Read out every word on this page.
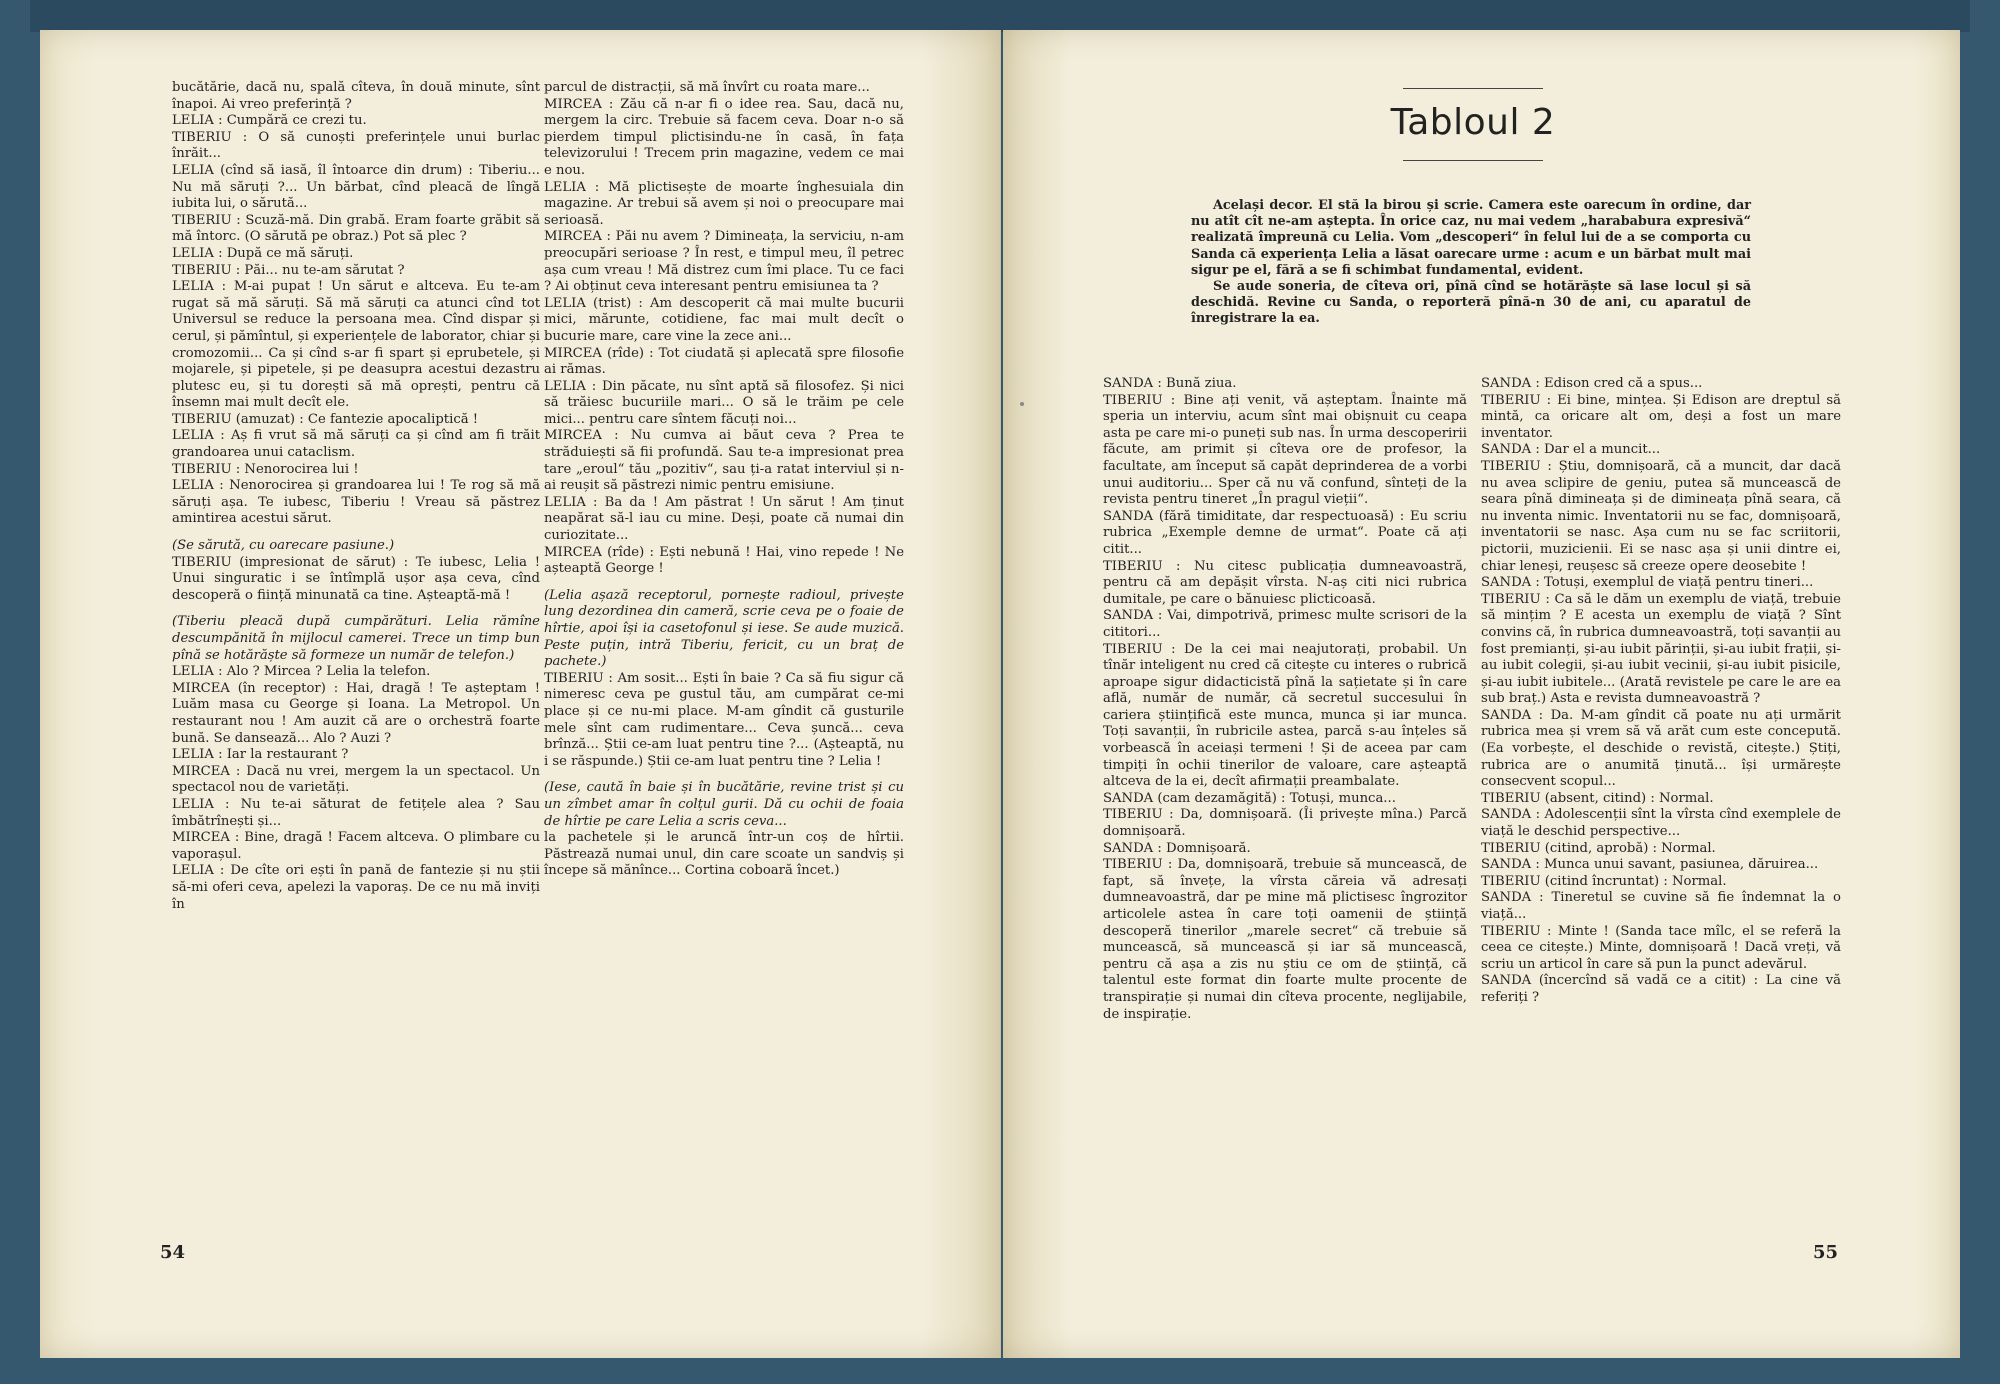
bucătărie, dacă nu, spală cîteva, în două minute, sînt înapoi. Ai vreo preferință ?

LELIA : Cumpără ce crezi tu.

TIBERIU : O să cunoști preferințele unui burlac înrăit...

LELIA (cînd să iasă, îl întoarce din drum) : Tiberiu... Nu mă săruți ?... Un bărbat, cînd pleacă de lîngă iubita lui, o sărută...

TIBERIU : Scuză-mă. Din grabă. Eram foarte grăbit să mă întorc. (O sărută pe obraz.) Pot să plec ?

LELIA : După ce mă săruți.

TIBERIU : Păi... nu te-am sărutat ?

LELIA : M-ai pupat ! Un sărut e altceva. Eu te-am rugat să mă săruți. Să mă săruți ca atunci cînd tot Universul se reduce la persoana mea. Cînd dispar și cerul, și pămîntul, și experiențele de laborator, chiar și cromozomii... Ca și cînd s-ar fi spart și eprubetele, și mojarele, și pipetele, și pe deasupra acestui dezastru plutesc eu, și tu dorești să mă oprești, pentru că însemn mai mult decît ele.

TIBERIU (amuzat) : Ce fantezie apocaliptică !

LELIA : Aș fi vrut să mă săruți ca și cînd am fi trăit grandoarea unui cataclism.

TIBERIU : Nenorocirea lui !

LELIA : Nenorocirea și grandoarea lui ! Te rog să mă săruți așa. Te iubesc, Tiberiu ! Vreau să păstrez amintirea acestui sărut.

(Se sărută, cu oarecare pasiune.)

TIBERIU (impresionat de sărut) : Te iubesc, Lelia ! Unui singuratic i se întîmplă ușor așa ceva, cînd descoperă o ființă minunată ca tine. Așteaptă-mă !

(Tiberiu pleacă după cumpărături. Lelia rămîne descumpănită în mijlocul camerei. Trece un timp bun pînă se hotărăște să formeze un număr de telefon.)

LELIA : Alo ? Mircea ? Lelia la telefon.

MIRCEA (în receptor) : Hai, dragă ! Te așteptam ! Luăm masa cu George și Ioana. La Metropol. Un restaurant nou ! Am auzit că are o orchestră foarte bună. Se dansează... Alo ? Auzi ?

LELIA : Iar la restaurant ?

MIRCEA : Dacă nu vrei, mergem la un spectacol. Un spectacol nou de varietăți.

LELIA : Nu te-ai săturat de fetițele alea ? Sau îmbătrînești și...

MIRCEA : Bine, dragă ! Facem altceva. O plimbare cu vaporașul.

LELIA : De cîte ori ești în pană de fantezie și nu știi să-mi oferi ceva, apelezi la vaporaș. De ce nu mă inviți în

parcul de distracții, să mă învîrt cu roata mare...

MIRCEA : Zău că n-ar fi o idee rea. Sau, dacă nu, mergem la circ. Trebuie să facem ceva. Doar n-o să pierdem timpul plictisindu-ne în casă, în fața televizorului ! Trecem prin magazine, vedem ce mai e nou.

LELIA : Mă plictisește de moarte înghesuiala din magazine. Ar trebui să avem și noi o preocupare mai serioasă.

MIRCEA : Păi nu avem ? Dimineața, la serviciu, n-am preocupări serioase ? În rest, e timpul meu, îl petrec așa cum vreau ! Mă distrez cum îmi place. Tu ce faci ? Ai obținut ceva interesant pentru emisiunea ta ?

LELIA (trist) : Am descoperit că mai multe bucurii mici, mărunte, cotidiene, fac mai mult decît o bucurie mare, care vine la zece ani...

MIRCEA (rîde) : Tot ciudată și aplecată spre filosofie ai rămas.

LELIA : Din păcate, nu sînt aptă să filosofez. Și nici să trăiesc bucuriile mari... O să le trăim pe cele mici... pentru care sîntem făcuți noi...

MIRCEA : Nu cumva ai băut ceva ? Prea te străduiești să fii profundă. Sau te-a impresionat prea tare „eroul“ tău „pozitiv“, sau ți-a ratat interviul și n-ai reușit să păstrezi nimic pentru emisiune.

LELIA : Ba da ! Am păstrat ! Un sărut ! Am ținut neapărat să-l iau cu mine. Deși, poate că numai din curiozitate...

MIRCEA (rîde) : Ești nebună ! Hai, vino repede ! Ne așteaptă George !

(Lelia așază receptorul, pornește radioul, privește lung dezordinea din cameră, scrie ceva pe o foaie de hîrtie, apoi își ia casetofonul și iese. Se aude muzică. Peste puțin, intră Tiberiu, fericit, cu un braț de pachete.)

TIBERIU : Am sosit... Ești în baie ? Ca să fiu sigur că nimeresc ceva pe gustul tău, am cumpărat ce-mi place și ce nu-mi place. M-am gîndit că gusturile mele sînt cam rudimentare... Ceva șuncă... ceva brînză... Știi ce-am luat pentru tine ?... (Așteaptă, nu i se răspunde.) Știi ce-am luat pentru tine ? Lelia !

(Iese, caută în baie și în bucătărie, revine trist și cu un zîmbet amar în colțul gurii. Dă cu ochii de foaia de hîrtie pe care Lelia a scris ceva...

la pachetele și le aruncă într-un coș de hîrtii. Păstrează numai unul, din care scoate un sandviș și începe să mănînce... Cortina coboară încet.)

54
Tabloul 2

Același decor. El stă la birou și scrie. Camera este oarecum în ordine, dar nu atît cît ne-am aștepta. În orice caz, nu mai vedem „harababura expresivă“ realizată împreună cu Lelia. Vom „descoperi“ în felul lui de a se comporta cu Sanda că experiența Lelia a lăsat oarecare urme : acum e un bărbat mult mai sigur pe el, fără a se fi schimbat fundamental, evident.

Se aude soneria, de cîteva ori, pînă cînd se hotărăște să lase locul și să deschidă. Revine cu Sanda, o reporteră pînă-n 30 de ani, cu aparatul de înregistrare la ea.

SANDA : Bună ziua.

TIBERIU : Bine ați venit, vă așteptam. Înainte mă speria un interviu, acum sînt mai obișnuit cu ceapa asta pe care mi-o puneți sub nas. În urma descoperirii făcute, am primit și cîteva ore de profesor, la facultate, am început să capăt deprinderea de a vorbi unui auditoriu... Sper că nu vă confund, sînteți de la revista pentru tineret „În pragul vieții“.

SANDA (fără timiditate, dar respectuoasă) : Eu scriu rubrica „Exemple demne de urmat“. Poate că ați citit...

TIBERIU : Nu citesc publicația dumneavoastră, pentru că am depășit vîrsta. N-aș citi nici rubrica dumitale, pe care o bănuiesc plicticoasă.

SANDA : Vai, dimpotrivă, primesc multe scrisori de la cititori...

TIBERIU : De la cei mai neajutorați, probabil. Un tînăr inteligent nu cred că citește cu interes o rubrică aproape sigur didacticistă pînă la sațietate și în care află, număr de număr, că secretul succesului în cariera științifică este munca, munca și iar munca. Toți savanții, în rubricile astea, parcă s-au înțeles să vorbească în aceiași termeni ! Și de aceea par cam timpiți în ochii tinerilor de valoare, care așteaptă altceva de la ei, decît afirmații preambalate.

SANDA (cam dezamăgită) : Totuși, munca...

TIBERIU : Da, domnișoară. (Îi privește mîna.) Parcă domnișoară.

SANDA : Domnișoară.

TIBERIU : Da, domnișoară, trebuie să muncească, de fapt, să învețe, la vîrsta căreia vă adresați dumneavoastră, dar pe mine mă plictisesc îngrozitor articolele astea în care toți oamenii de știință descoperă tinerilor „marele secret“ că trebuie să muncească, să muncească și iar să muncească, pentru că așa a zis nu știu ce om de știință, că talentul este format din foarte multe procente de transpirație și numai din cîteva procente, neglijabile, de inspirație.

SANDA : Edison cred că a spus...

TIBERIU : Ei bine, mințea. Și Edison are dreptul să mintă, ca oricare alt om, deși a fost un mare inventator.

SANDA : Dar el a muncit...

TIBERIU : Știu, domnișoară, că a muncit, dar dacă nu avea sclipire de geniu, putea să muncească de seara pînă dimineața și de dimineața pînă seara, că nu inventa nimic. Inventatorii nu se fac, domnișoară, inventatorii se nasc. Așa cum nu se fac scriitorii, pictorii, muzicienii. Ei se nasc așa și unii dintre ei, chiar leneși, reușesc să creeze opere deosebite !

SANDA : Totuși, exemplul de viață pentru tineri...

TIBERIU : Ca să le dăm un exemplu de viață, trebuie să mințim ? E acesta un exemplu de viață ? Sînt convins că, în rubrica dumneavoastră, toți savanții au fost premianți, și-au iubit părinții, și-au iubit frații, și-au iubit colegii, și-au iubit vecinii, și-au iubit pisicile, și-au iubit iubitele... (Arată revistele pe care le are ea sub braț.) Asta e revista dumneavoastră ?

SANDA : Da. M-am gîndit că poate nu ați urmărit rubrica mea și vrem să vă arăt cum este concepută. (Ea vorbește, el deschide o revistă, citește.) Știți, rubrica are o anumită ținută... își urmărește consecvent scopul...

TIBERIU (absent, citind) : Normal.

SANDA : Adolescenții sînt la vîrsta cînd exemplele de viață le deschid perspective...

TIBERIU (citind, aprobă) : Normal.

SANDA : Munca unui savant, pasiunea, dăruirea...

TIBERIU (citind încruntat) : Normal.

SANDA : Tineretul se cuvine să fie îndemnat la o viață...

TIBERIU : Minte ! (Sanda tace mîlc, el se referă la ceea ce citește.) Minte, domnișoară ! Dacă vreți, vă scriu un articol în care să pun la punct adevărul.

SANDA (încercînd să vadă ce a citit) : La cine vă referiți ?

55
